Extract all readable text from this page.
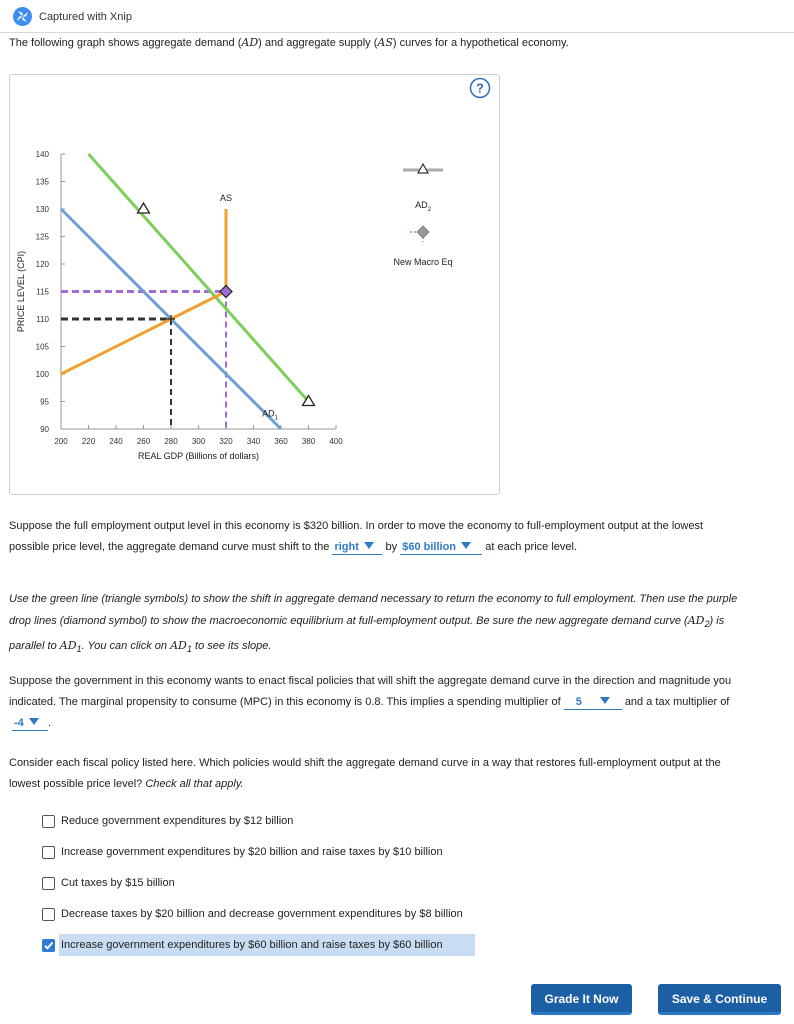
Captured with Xnip
The following graph shows aggregate demand (AD) and aggregate supply (AS) curves for a hypothetical economy.
200 220 240 260 280 300 320 340 360 380 400
90
95
100
105
110
115
120
125
130
135
140
REAL GDP (Billions of dollars)
PRICE LEVEL (CPI)
AS
$AD_1$
$AD_2$
New Macro Eq
?
Suppose the full employment output level in this economy is $320 billion. In order to move the economy to full-employment output at the lowest
possible price level, the aggregate demand curve must shift to the right by $60 billion	at each price level.
Use the green line (triangle symbols) to show the shift in aggregate demand necessary to return the economy to full employment. Then use the purple
drop lines (diamond symbol) to show the macroeconomic equilibrium at full-employment output. Be sure the new aggregate demand curve $(AD_2)$ is
parallel to $AD_1$. You can click on $AD_1$ to see its slope.
Suppose the government in this economy wants to enact fiscal policies that will shift the aggregate demand curve in the direction and magnitude you
indicated. The marginal propensity to consume (MPC) in this economy is 0.8. This implies a spending multiplier of 5	and a tax multiplier of
-4 .
Consider each fiscal policy listed here. Which policies would shift the aggregate demand curve in a way that restores full-employment output at the
lowest possible price level? Check all that apply.
Reduce government expenditures by $12 billion
Increase government expenditures by $20 billion and raise taxes by $10 billion
Cut taxes by $15 billion
Decrease taxes by $20 billion and decrease government expenditures by $8 billion
Increase government expenditures by $60 billion and raise taxes by $60 billion
Grade It Now	Save & Continue
